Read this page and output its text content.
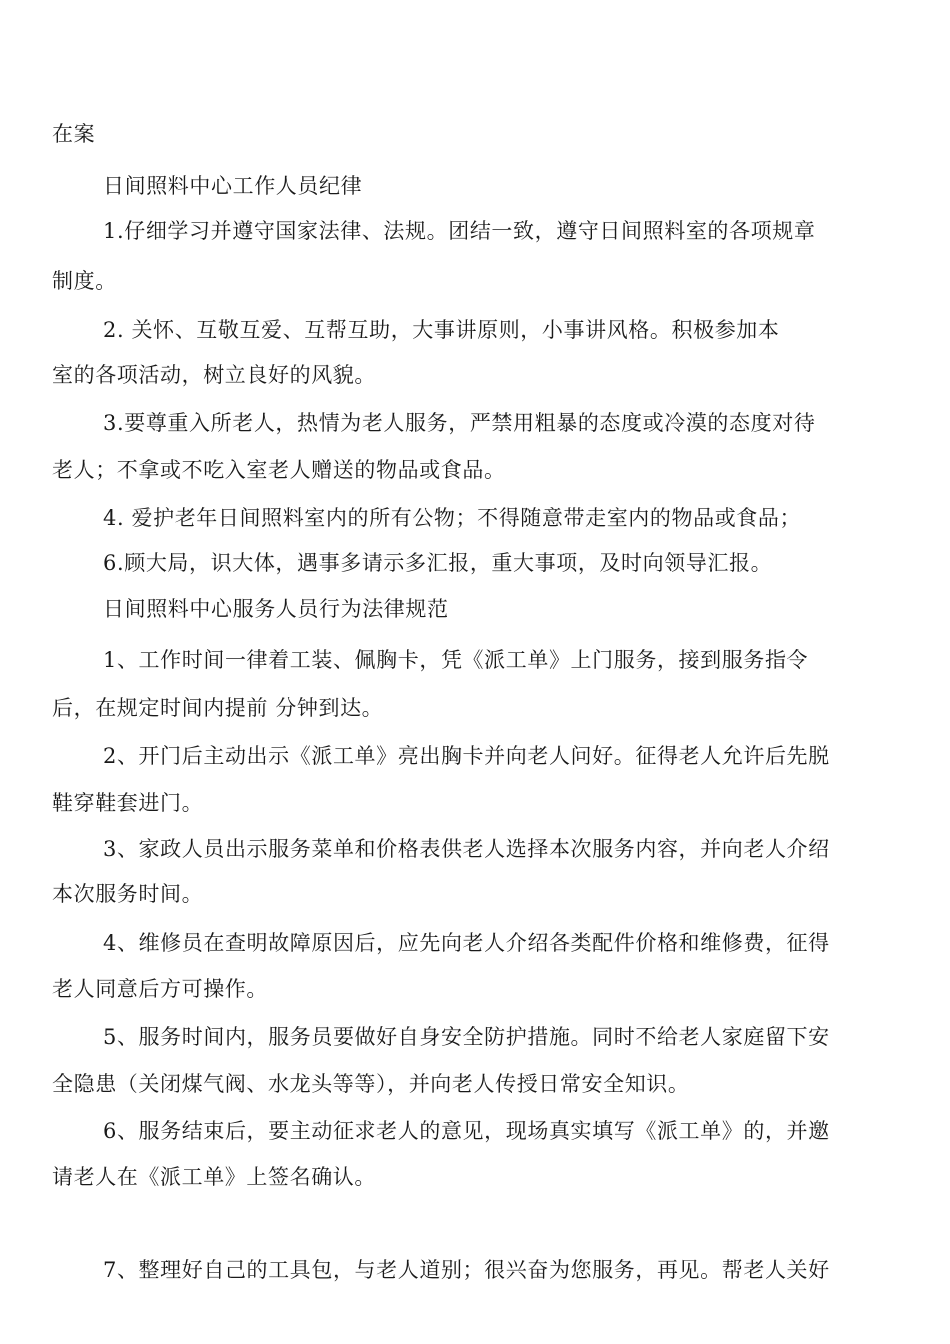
在案
日间照料中心工作人员纪律
1.仔细学习并遵守国家法律、法规。团结一致，遵守日间照料室的各项规章
制度。
2. 关怀、互敬互爱、互帮互助，大事讲原则，小事讲风格。积极参加本
室的各项活动，树立良好的风貌。
3.要尊重入所老人，热情为老人服务，严禁用粗暴的态度或冷漠的态度对待
老人；不拿或不吃入室老人赠送的物品或食品。
4. 爱护老年日间照料室内的所有公物；不得随意带走室内的物品或食品；
6.顾大局，识大体，遇事多请示多汇报，重大事项，及时向领导汇报。
日间照料中心服务人员行为法律规范
1、工作时间一律着工装、佩胸卡，凭《派工单》上门服务，接到服务指令
后，在规定时间内提前 分钟到达。
2、开门后主动出示《派工单》亮出胸卡并向老人问好。征得老人允许后先脱
鞋穿鞋套进门。
3、家政人员出示服务菜单和价格表供老人选择本次服务内容，并向老人介绍
本次服务时间。
4、维修员在查明故障原因后，应先向老人介绍各类配件价格和维修费，征得
老人同意后方可操作。
5、服务时间内，服务员要做好自身安全防护措施。同时不给老人家庭留下安
全隐患（关闭煤气阀、水龙头等等），并向老人传授日常安全知识。
6、服务结束后，要主动征求老人的意见，现场真实填写《派工单》的，并邀
请老人在《派工单》上签名确认。
7、整理好自己的工具包，与老人道别；很兴奋为您服务，再见。帮老人关好
